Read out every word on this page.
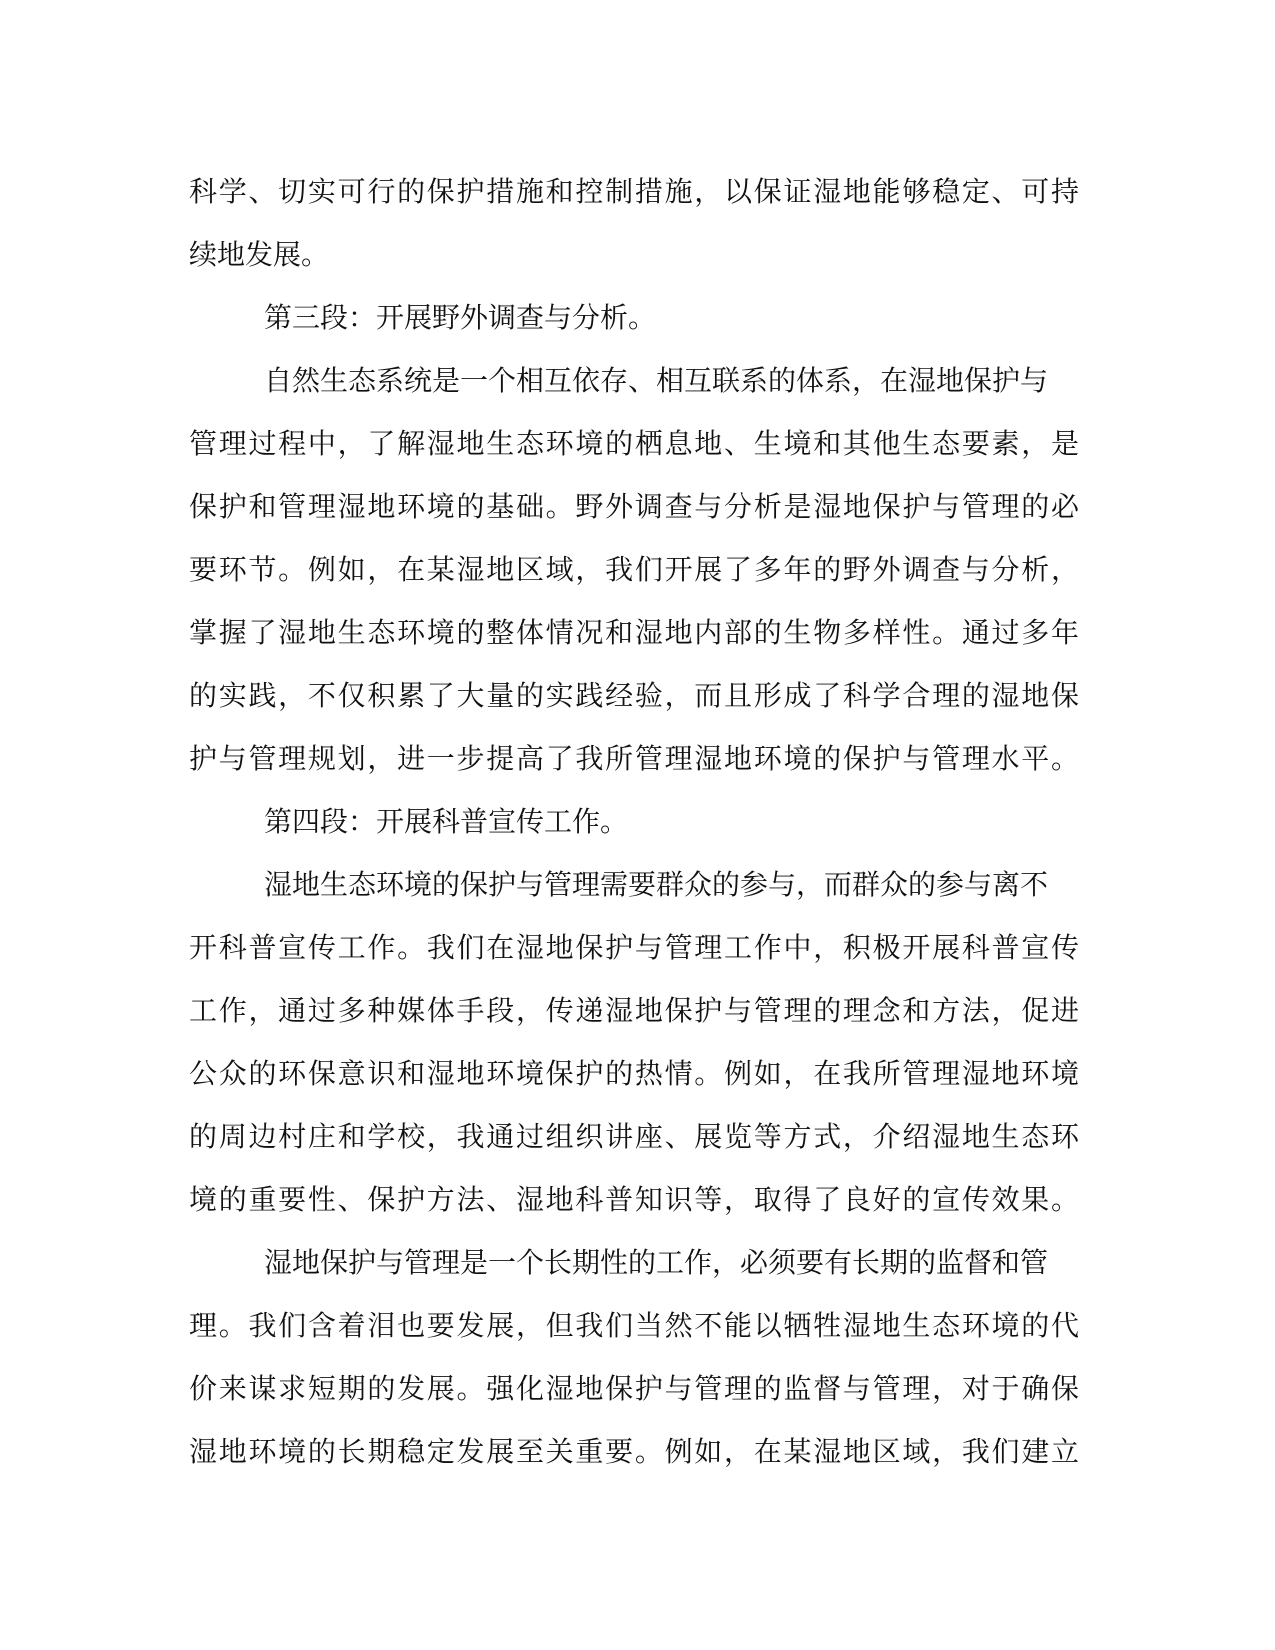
科学、切实可行的保护措施和控制措施，以保证湿地能够稳定、可持
续地发展。
第三段：开展野外调查与分析。
自然生态系统是一个相互依存、相互联系的体系，在湿地保护与
管理过程中，了解湿地生态环境的栖息地、生境和其他生态要素，是
保护和管理湿地环境的基础。野外调查与分析是湿地保护与管理的必
要环节。例如，在某湿地区域，我们开展了多年的野外调查与分析，
掌握了湿地生态环境的整体情况和湿地内部的生物多样性。通过多年
的实践，不仅积累了大量的实践经验，而且形成了科学合理的湿地保
护与管理规划，进一步提高了我所管理湿地环境的保护与管理水平。
第四段：开展科普宣传工作。
湿地生态环境的保护与管理需要群众的参与，而群众的参与离不
开科普宣传工作。我们在湿地保护与管理工作中，积极开展科普宣传
工作，通过多种媒体手段，传递湿地保护与管理的理念和方法，促进
公众的环保意识和湿地环境保护的热情。例如，在我所管理湿地环境
的周边村庄和学校，我通过组织讲座、展览等方式，介绍湿地生态环
境的重要性、保护方法、湿地科普知识等，取得了良好的宣传效果。
湿地保护与管理是一个长期性的工作，必须要有长期的监督和管
理。我们含着泪也要发展，但我们当然不能以牺牲湿地生态环境的代
价来谋求短期的发展。强化湿地保护与管理的监督与管理，对于确保
湿地环境的长期稳定发展至关重要。例如，在某湿地区域，我们建立
